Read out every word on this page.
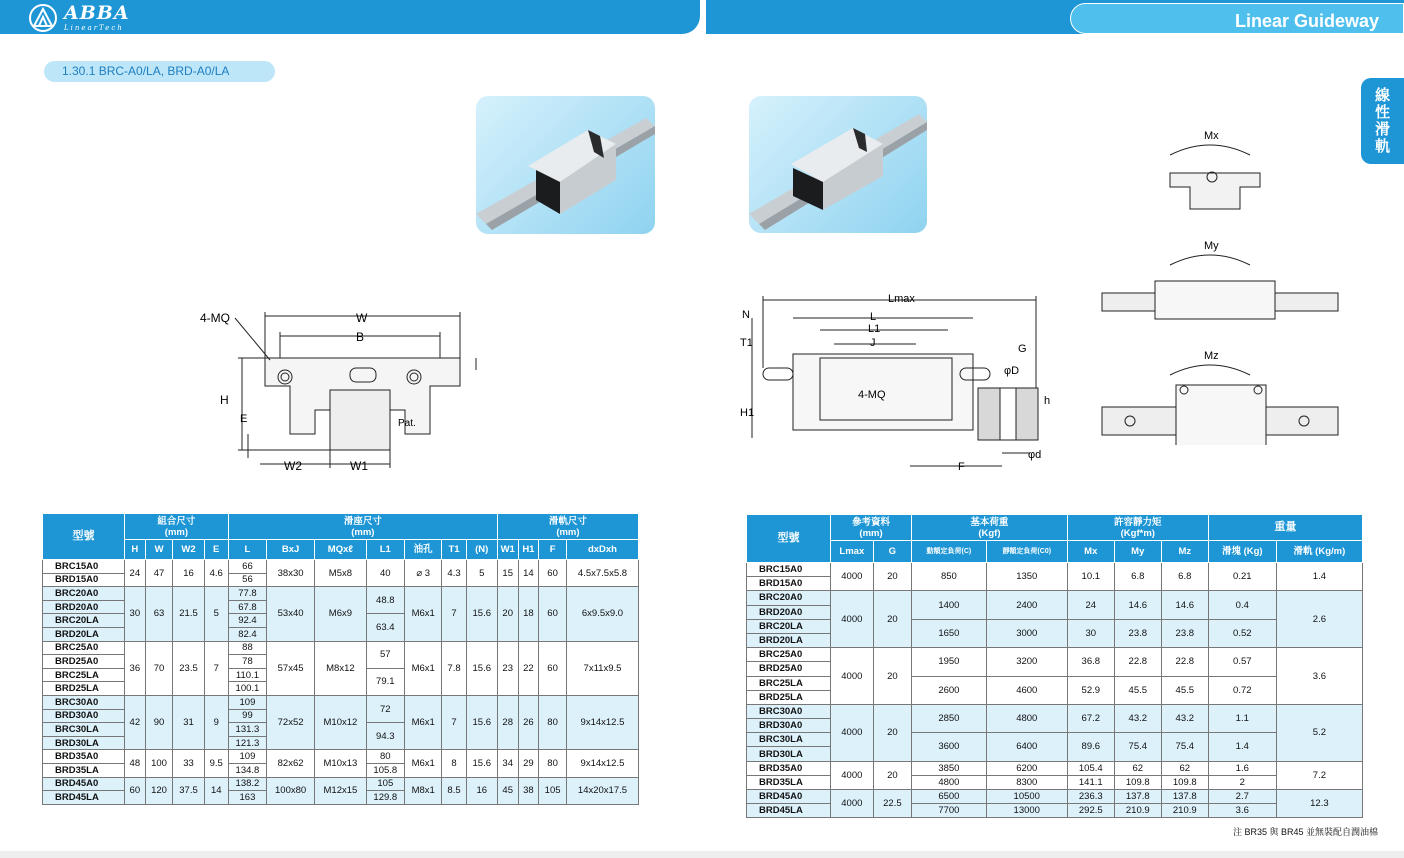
Linear Guideway
ABBA
LinearTech
線
性
滑
軌
1.30.1 BRC-A0/LA, BRD-A0/LA
4-MQ	W
B
H
E
W2	W1
Pat.
Lmax
L
L1
J
N
T1
H1
G
φD
h
φd
F
4-MQ
Mx
My
Mz
型號	組合尺寸
(mm)				滑座尺寸
(mm)							滑軌尺寸
(mm)			
	H	W	W2	E	L	BxJ	MQxℓ	L1	油孔	T1	(N)	W1	H1	F	dxDxh
BRC15A0	24	47	16	4.6	66	38x30	M5x8	40	⌀ 3	4.3	5	15	14	60	4.5x7.5x5.8
BRD15A0					56										
BRC20A0	30	63	21.5	5	77.8	53x40	M6x9	48.8	M6x1	7	15.6	20	18	60	6x9.5x9.0
BRD20A0					67.8										
BRC20LA					92.4			63.4							
BRD20LA					82.4										
BRC25A0	36	70	23.5	7	88	57x45	M8x12	57	M6x1	7.8	15.6	23	22	60	7x11x9.5
BRD25A0					78										
BRC25LA					110.1			79.1							
BRD25LA					100.1										
BRC30A0	42	90	31	9	109	72x52	M10x12	72	M6x1	7	15.6	28	26	80	9x14x12.5
BRD30A0					99										
BRC30LA					131.3			94.3							
BRD30LA					121.3										
BRD35A0	48	100	33	9.5	109	82x62	M10x13	80	M6x1	8	15.6	34	29	80	9x14x12.5
BRD35LA					134.8			105.8							
BRD45A0	60	120	37.5	14	138.2	100x80	M12x15	105	M8x1	8.5	16	45	38	105	14x20x17.5
BRD45LA					163			129.8							
型號	參考資料
(mm)		基本荷重
(Kgf)		許容靜力矩
(Kgf*m)			重量	
	Lmax	G	動額定負荷(C)	靜額定負荷(C0)	Mx	My	Mz	滑塊 (Kg)	滑軌 (Kg/m)
BRC15A0	4000	20	850	1350	10.1	6.8	6.8	0.21	1.4
BRD15A0									
BRC20A0	4000	20	1400	2400	24	14.6	14.6	0.4	2.6
BRD20A0									
BRC20LA			1650	3000	30	23.8	23.8	0.52	
BRD20LA									
BRC25A0	4000	20	1950	3200	36.8	22.8	22.8	0.57	3.6
BRD25A0									
BRC25LA			2600	4600	52.9	45.5	45.5	0.72	
BRD25LA									
BRC30A0	4000	20	2850	4800	67.2	43.2	43.2	1.1	5.2
BRD30A0									
BRC30LA			3600	6400	89.6	75.4	75.4	1.4	
BRD30LA									
BRD35A0	4000	20	3850	6200	105.4	62	62	1.6	7.2
BRD35LA			4800	8300	141.1	109.8	109.8	2	
BRD45A0	4000	22.5	6500	10500	236.3	137.8	137.8	2.7	12.3
BRD45LA			7700	13000	292.5	210.9	210.9	3.6	
注 BR35 與 BR45 並無裝配自潤油棉
